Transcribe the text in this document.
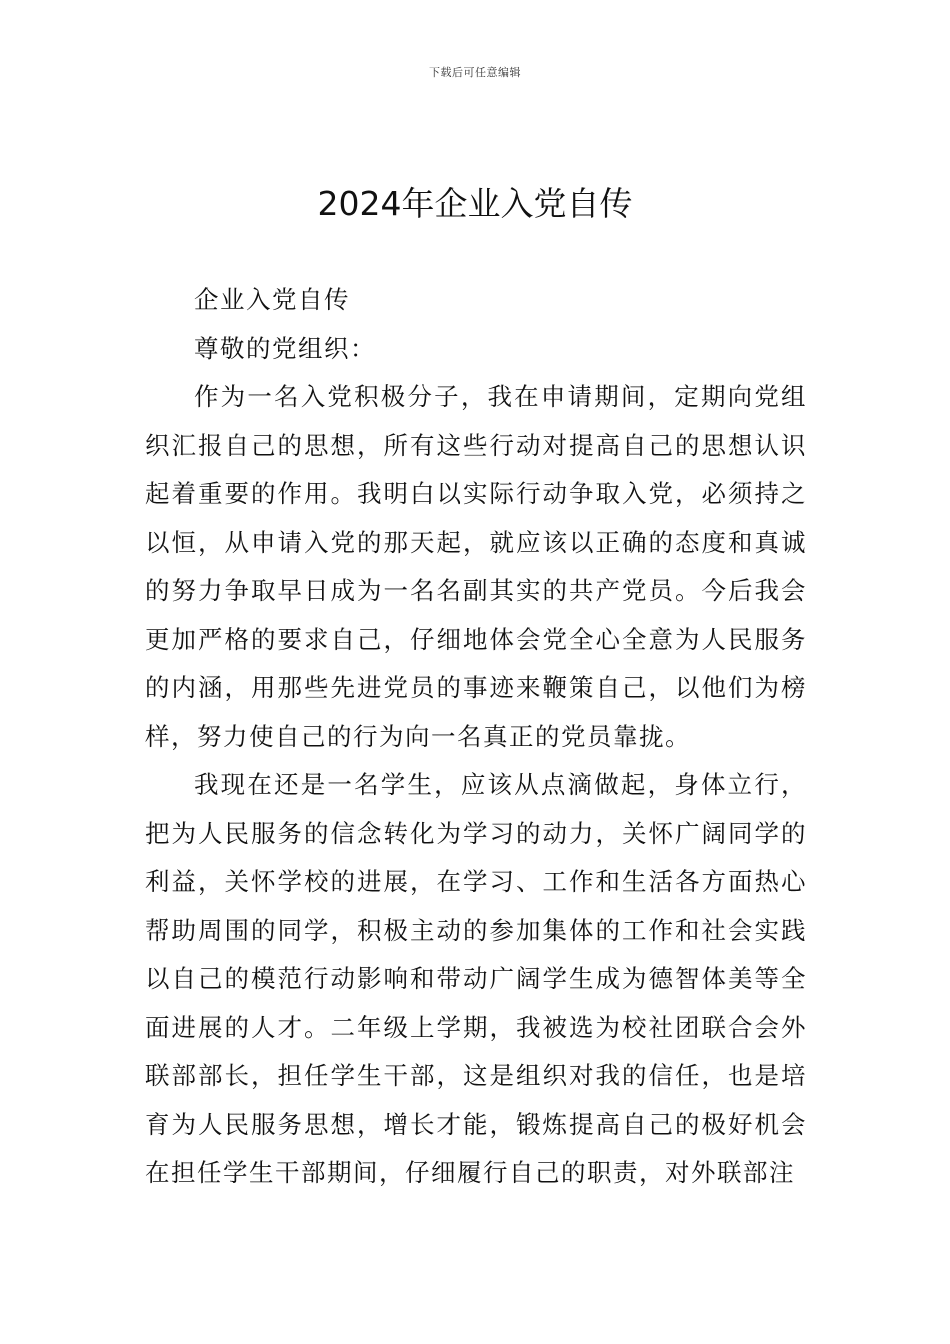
下载后可任意编辑
2024年企业入党自传

企业入党自传

尊敬的党组织：

作为一名入党积极分子，我在申请期间，定期向党组织汇报自己的思想，所有这些行动对提高自己的思想认识起着重要的作用。我明白以实际行动争取入党，必须持之以恒，从申请入党的那天起，就应该以正确的态度和真诚的努力争取早日成为一名名副其实的共产党员。今后我会更加严格的要求自己，仔细地体会党全心全意为人民服务的内涵，用那些先进党员的事迹来鞭策自己，以他们为榜样，努力使自己的行为向一名真正的党员靠拢。

我现在还是一名学生，应该从点滴做起，身体立行，把为人民服务的信念转化为学习的动力，关怀广阔同学的利益，关怀学校的进展，在学习、工作和生活各方面热心帮助周围的同学，积极主动的参加集体的工作和社会实践以自己的模范行动影响和带动广阔学生成为德智体美等全面进展的人才。二年级上学期，我被选为校社团联合会外联部部长，担任学生干部，这是组织对我的信任，也是培育为人民服务思想，增长才能，锻炼提高自己的极好机会在担任学生干部期间，仔细履行自己的职责，对外联部注
